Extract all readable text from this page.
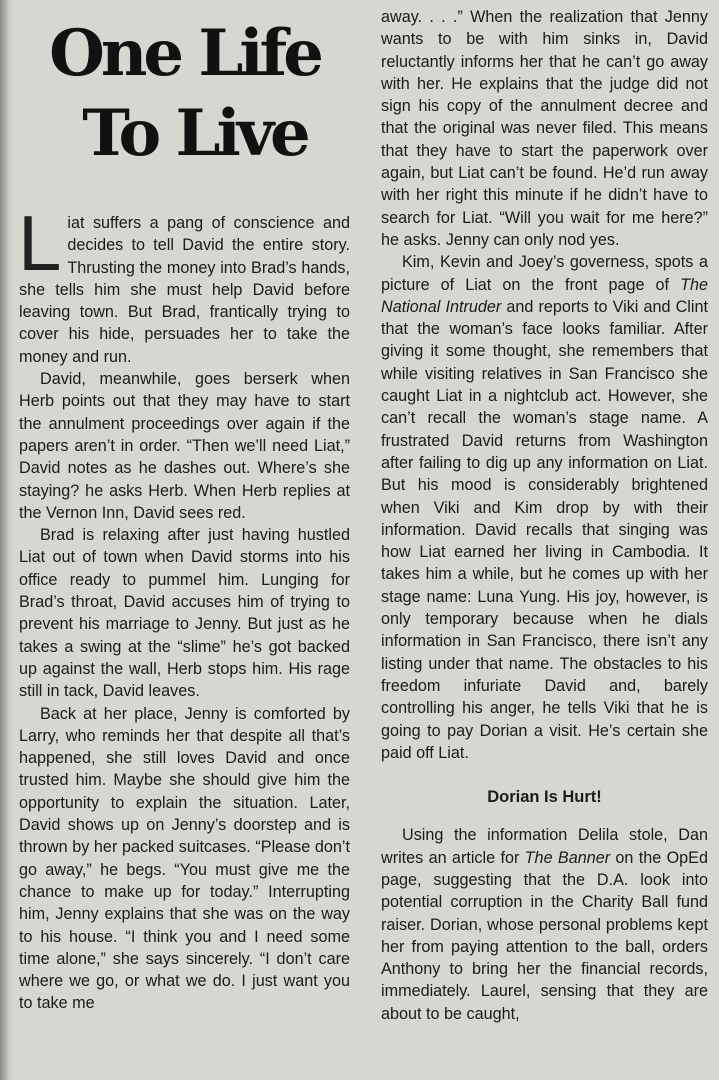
One Life
To Live

Liat suffers a pang of conscience and decides to tell David the entire story. Thrusting the money into Brad’s hands, she tells him she must help David before leaving town. But Brad, frantically trying to cover his hide, persuades her to take the money and run.

David, meanwhile, goes berserk when Herb points out that they may have to start the annulment proceedings over again if the papers aren’t in order. “Then we’ll need Liat,” David notes as he dashes out. Where’s she staying? he asks Herb. When Herb replies at the Vernon Inn, David sees red.

Brad is relaxing after just having hustled Liat out of town when David storms into his office ready to pummel him. Lunging for Brad’s throat, David accuses him of trying to prevent his marriage to Jenny. But just as he takes a swing at the “slime” he’s got backed up against the wall, Herb stops him. His rage still in tack, David leaves.

Back at her place, Jenny is comforted by Larry, who reminds her that despite all that’s happened, she still loves David and once trusted him. Maybe she should give him the opportunity to explain the situation. Later, David shows up on Jenny’s doorstep and is thrown by her packed suitcases. “Please don’t go away,” he begs. “You must give me the chance to make up for today.” Interrupting him, Jenny explains that she was on the way to his house. “I think you and I need some time alone,” she says sincerely. “I don’t care where we go, or what we do. I just want you to take me

away. . . .” When the realization that Jenny wants to be with him sinks in, David reluctantly informs her that he can’t go away with her. He explains that the judge did not sign his copy of the annulment decree and that the original was never filed. This means that they have to start the paperwork over again, but Liat can’t be found. He’d run away with her right this minute if he didn’t have to search for Liat. “Will you wait for me here?” he asks. Jenny can only nod yes.

Kim, Kevin and Joey’s governess, spots a picture of Liat on the front page of The National Intruder and reports to Viki and Clint that the woman’s face looks familiar. After giving it some thought, she remembers that while visiting relatives in San Francisco she caught Liat in a nightclub act. However, she can’t recall the woman’s stage name. A frustrated David returns from Washington after failing to dig up any information on Liat. But his mood is considerably brightened when Viki and Kim drop by with their information. David recalls that singing was how Liat earned her living in Cambodia. It takes him a while, but he comes up with her stage name: Luna Yung. His joy, however, is only temporary because when he dials information in San Francisco, there isn’t any listing under that name. The obstacles to his freedom infuriate David and, barely controlling his anger, he tells Viki that he is going to pay Dorian a visit. He’s certain she paid off Liat.

Dorian Is Hurt!

Using the information Delila stole, Dan writes an article for The Banner on the OpEd page, suggesting that the D.A. look into potential corruption in the Charity Ball fund raiser. Dorian, whose personal problems kept her from paying attention to the ball, orders Anthony to bring her the financial records, immediately. Laurel, sensing that they are about to be caught,
